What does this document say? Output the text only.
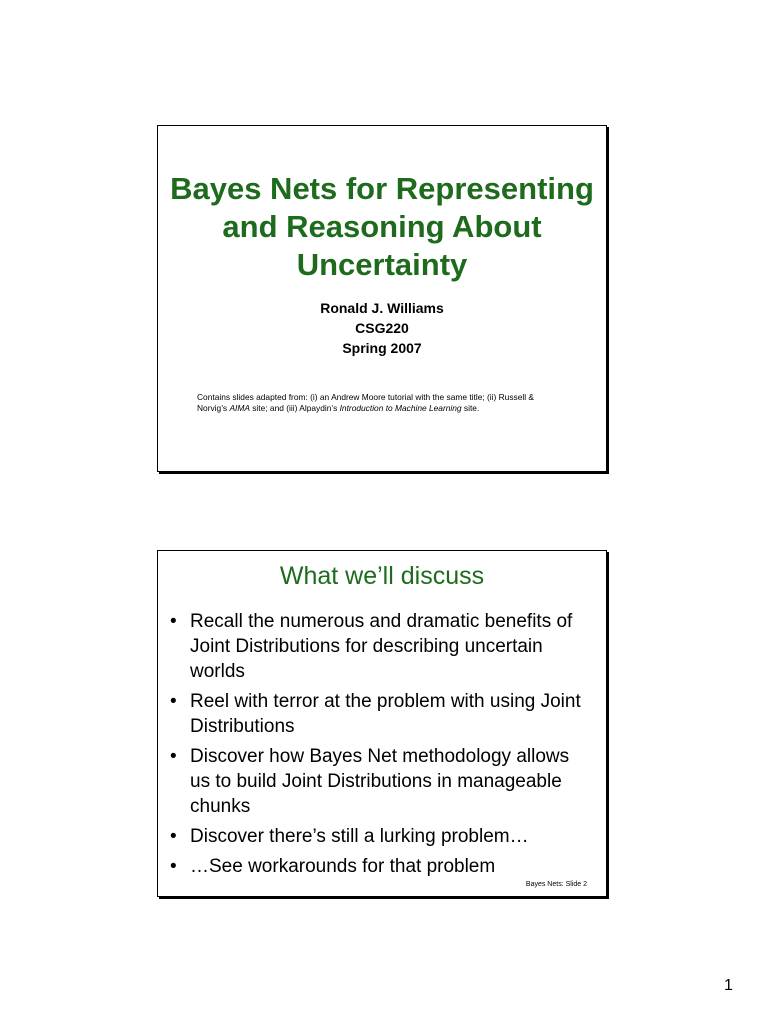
Bayes Nets for Representing
and Reasoning About
Uncertainty
Ronald J. Williams
CSG220
Spring 2007
Contains slides adapted from: (i) an Andrew Moore tutorial with the same title; (ii) Russell & Norvig’s AIMA site; and (iii) Alpaydin’s Introduction to Machine Learning site.
What we’ll discuss
• Recall the numerous and dramatic benefits of Joint Distributions for describing uncertain worlds
• Reel with terror at the problem with using Joint Distributions
• Discover how Bayes Net methodology allows us to build Joint Distributions in manageable chunks
• Discover there’s still a lurking problem…
• …See workarounds for that problem
Bayes Nets: Slide 2
1
